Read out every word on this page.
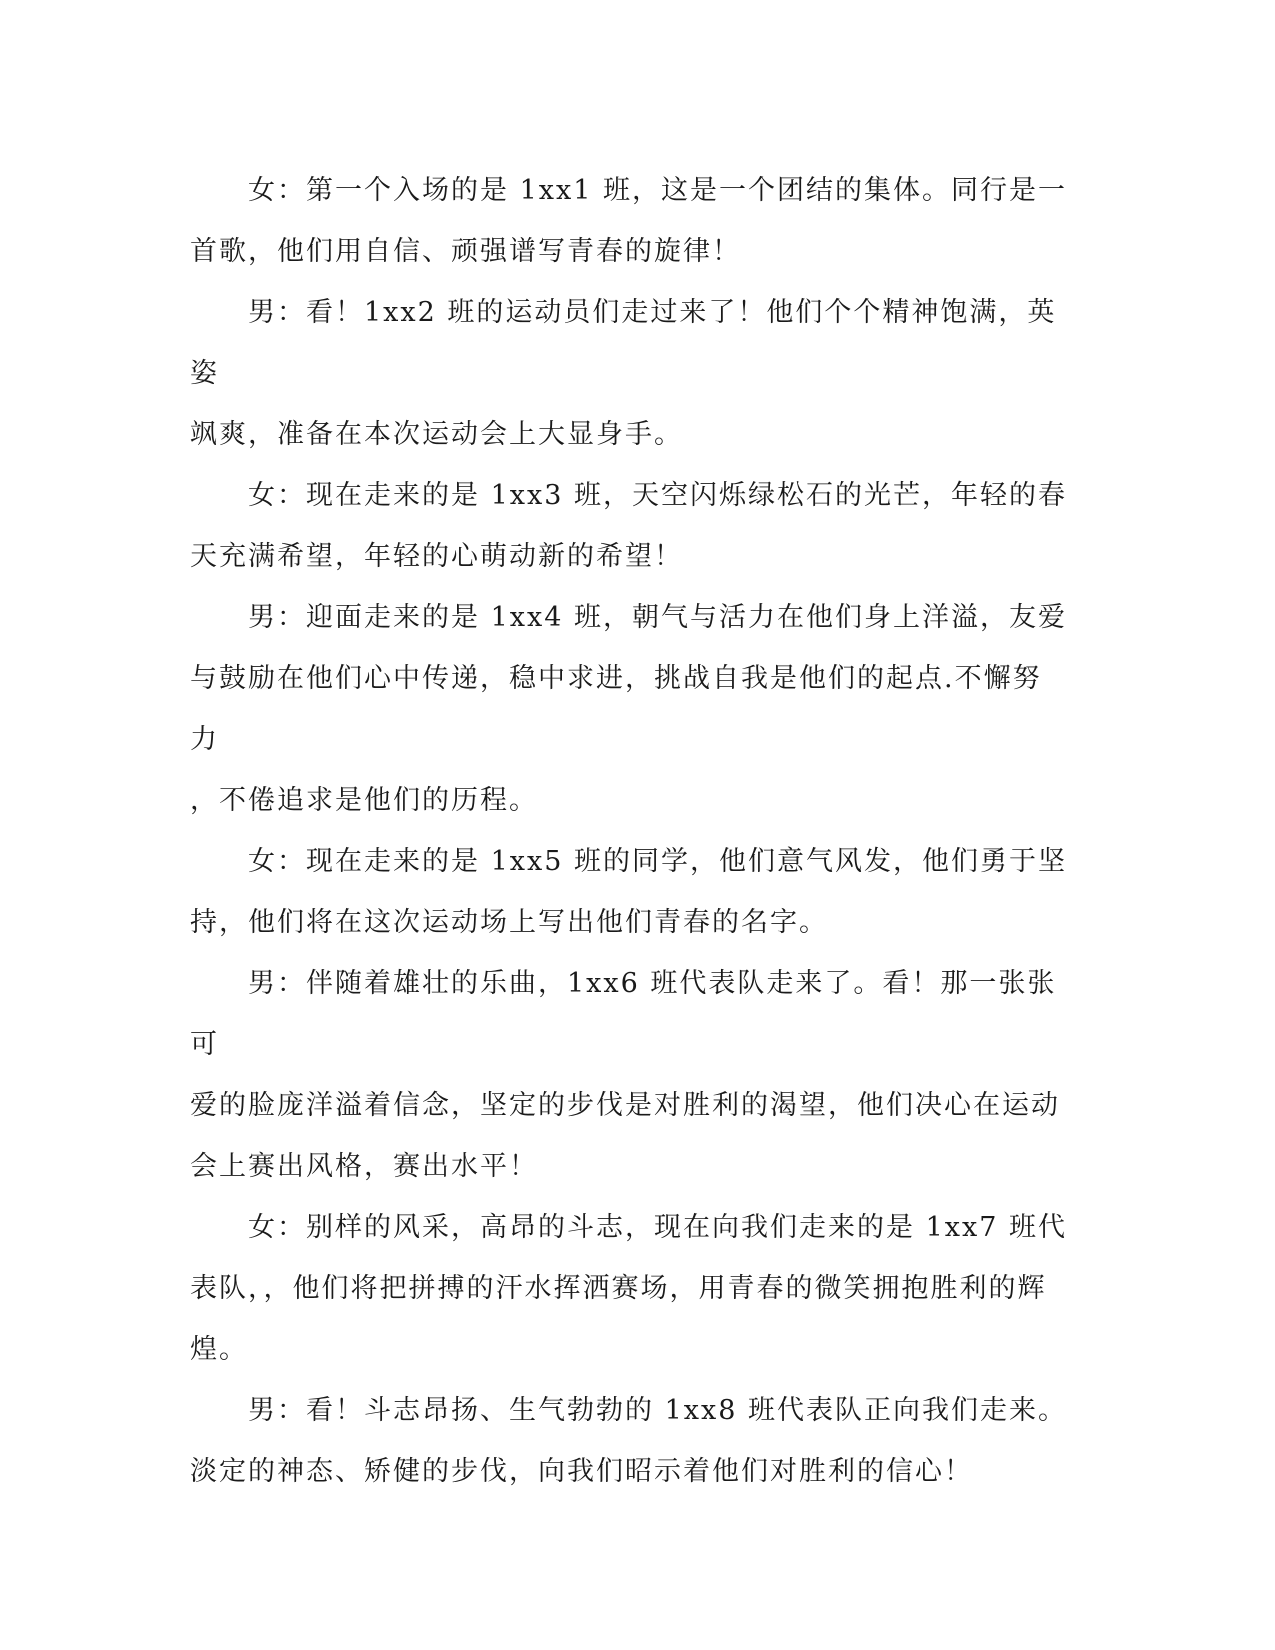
　　女：第一个入场的是 1xx1 班，这是一个团结的集体。同行是一
首歌，他们用自信、顽强谱写青春的旋律！

　　男：看！1xx2 班的运动员们走过来了！他们个个精神饱满，英姿
飒爽，准备在本次运动会上大显身手。

　　女：现在走来的是 1xx3 班，天空闪烁绿松石的光芒，年轻的春
天充满希望，年轻的心萌动新的希望！

　　男：迎面走来的是 1xx4 班，朝气与活力在他们身上洋溢，友爱
与鼓励在他们心中传递，稳中求进，挑战自我是他们的起点.不懈努力
，不倦追求是他们的历程。

　　女：现在走来的是 1xx5 班的同学，他们意气风发，他们勇于坚
持，他们将在这次运动场上写出他们青春的名字。

　　男：伴随着雄壮的乐曲，1xx6 班代表队走来了。看！那一张张可
爱的脸庞洋溢着信念，坚定的步伐是对胜利的渴望，他们决心在运动
会上赛出风格，赛出水平！

　　女：别样的风采，高昂的斗志，现在向我们走来的是 1xx7 班代
表队，，他们将把拼搏的汗水挥洒赛场，用青春的微笑拥抱胜利的辉
煌。

　　男：看！斗志昂扬、生气勃勃的 1xx8 班代表队正向我们走来。
淡定的神态、矫健的步伐，向我们昭示着他们对胜利的信心！
